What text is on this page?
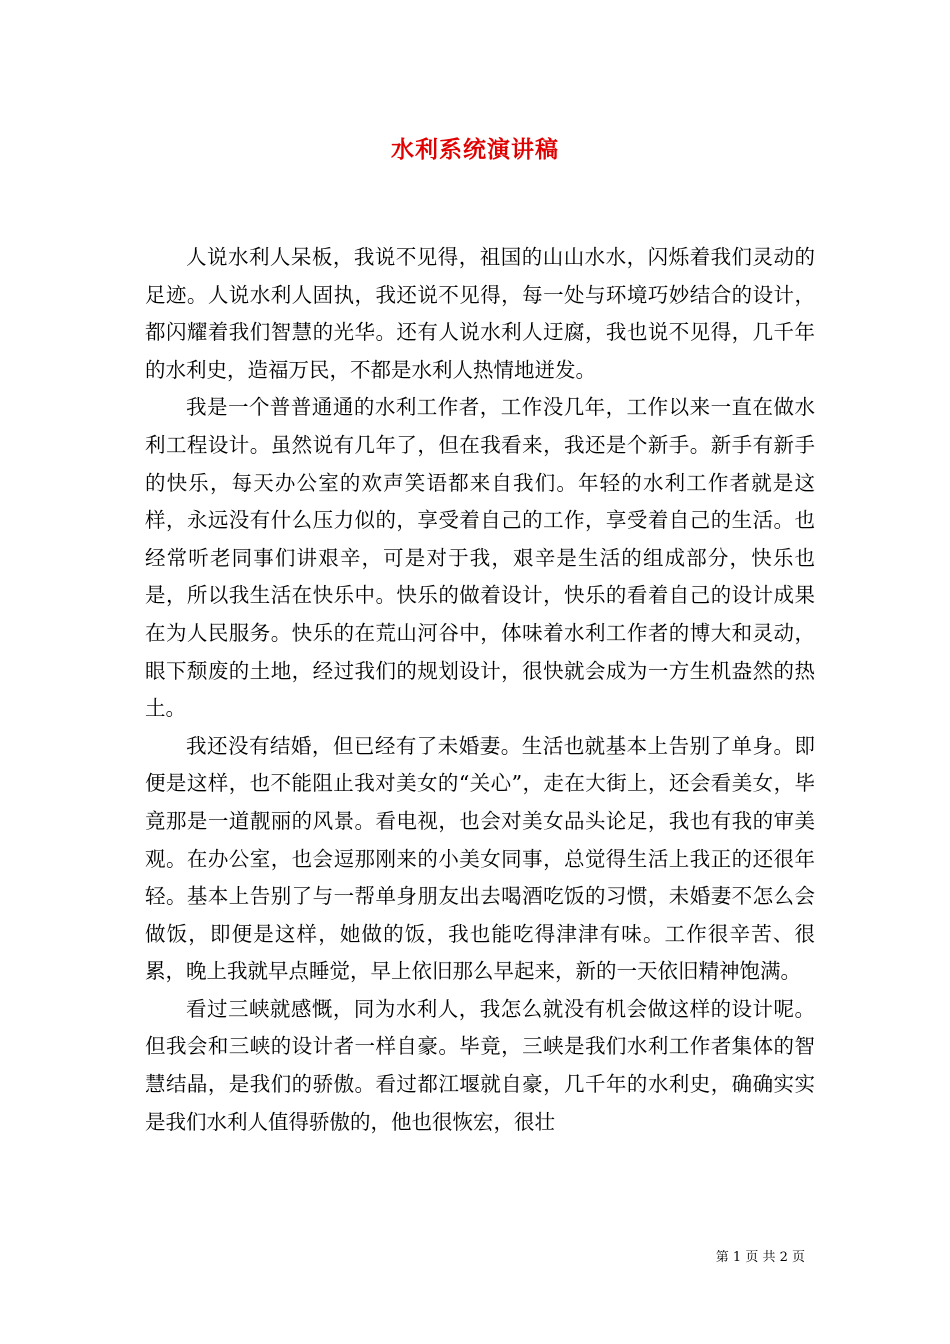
水利系统演讲稿

人说水利人呆板，我说不见得，祖国的山山水水，闪烁着我们灵动的足迹。人说水利人固执，我还说不见得，每一处与环境巧妙结合的设计，都闪耀着我们智慧的光华。还有人说水利人迂腐，我也说不见得，几千年的水利史，造福万民，不都是水利人热情地迸发。

我是一个普普通通的水利工作者，工作没几年，工作以来一直在做水利工程设计。虽然说有几年了，但在我看来，我还是个新手。新手有新手的快乐，每天办公室的欢声笑语都来自我们。年轻的水利工作者就是这样，永远没有什么压力似的，享受着自己的工作，享受着自己的生活。也经常听老同事们讲艰辛，可是对于我，艰辛是生活的组成部分，快乐也是，所以我生活在快乐中。快乐的做着设计，快乐的看着自己的设计成果在为人民服务。快乐的在荒山河谷中，体味着水利工作者的博大和灵动，眼下颓废的土地，经过我们的规划设计，很快就会成为一方生机盎然的热土。

我还没有结婚，但已经有了未婚妻。生活也就基本上告别了单身。即便是这样，也不能阻止我对美女的“关心”，走在大街上，还会看美女，毕竟那是一道靓丽的风景。看电视，也会对美女品头论足，我也有我的审美观。在办公室，也会逗那刚来的小美女同事，总觉得生活上我正的还很年轻。基本上告别了与一帮单身朋友出去喝酒吃饭的习惯，未婚妻不怎么会做饭，即便是这样，她做的饭，我也能吃得津津有味。工作很辛苦、很累，晚上我就早点睡觉，早上依旧那么早起来，新的一天依旧精神饱满。

看过三峡就感慨，同为水利人，我怎么就没有机会做这样的设计呢。但我会和三峡的设计者一样自豪。毕竟，三峡是我们水利工作者集体的智慧结晶，是我们的骄傲。看过都江堰就自豪，几千年的水利史，确确实实是我们水利人值得骄傲的，他也很恢宏，很壮

第 1 页 共 2 页
